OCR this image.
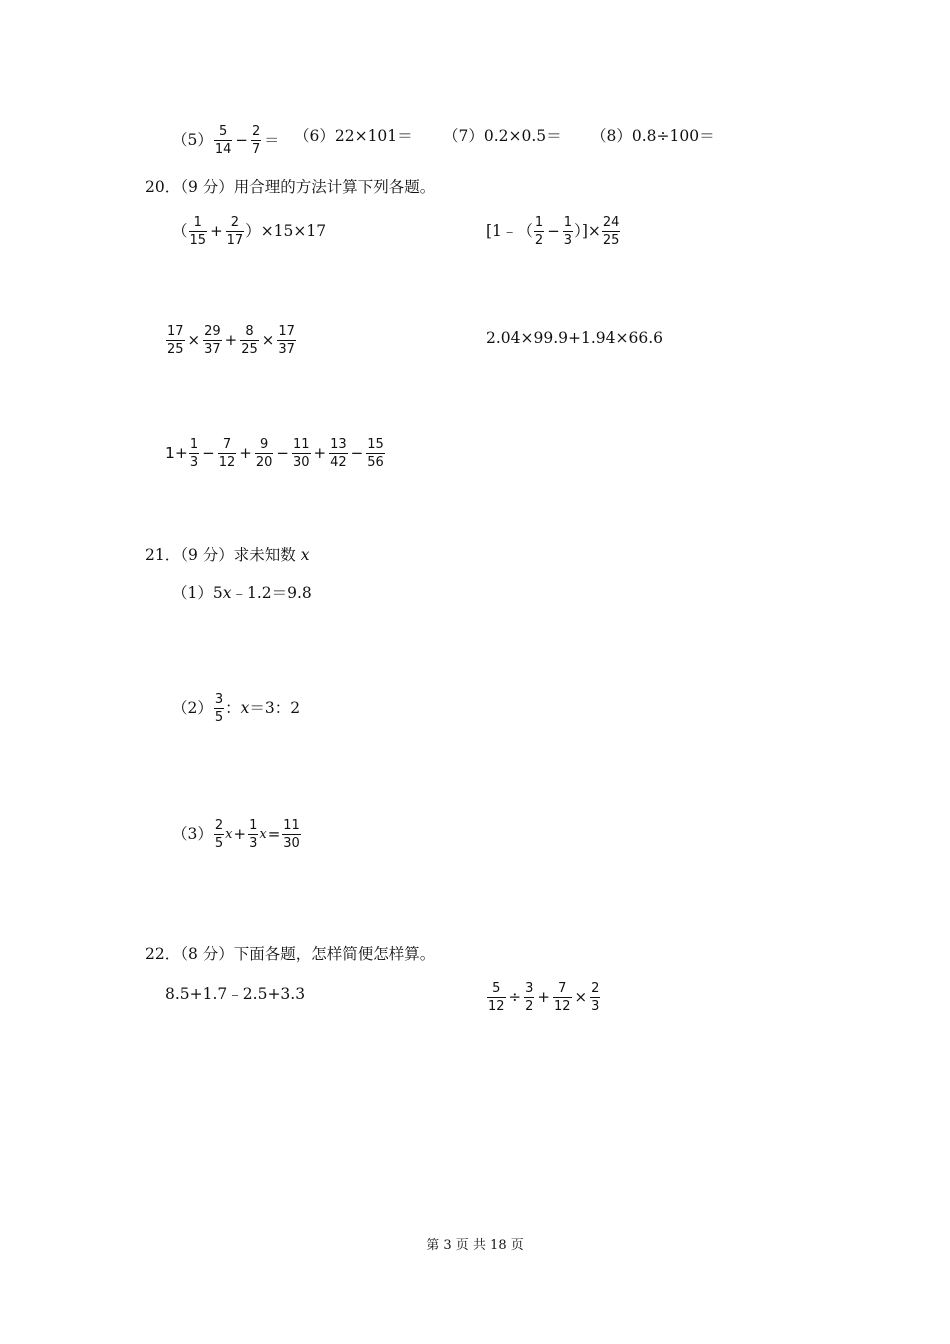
$(5) \frac{5}{14} - \frac{2}{7} = (6)22\times 101= (7)0.2\times 0.5= (8)0.8\div 100=$
20．（9 分）用合理的方法计算下列各题。
（ $\frac{1}{15} + \frac{2}{17} )\times 15\times 17$	[1﹣（ $\frac{1}{2} - \frac{1}{3}$ ）]× $\frac{24}{25}$
$\frac{17}{25} \times \frac{29}{37} + \frac{8}{25} \times \frac{17}{37}$	2.04×99.9+1.94×66.6
$1+ \frac{1}{3} - \frac{7}{12} + \frac{9}{20} - \frac{11}{30} + \frac{13}{42} - \frac{15}{56}$
21．（9 分）求未知数 x
（1）5x﹣1.2＝9.8
$(2) \frac{3}{5}$ ： x ＝3：2
$(3) \frac{2}{5}$ $x + \frac{1}{3}$ $x = \frac{11}{30}$
22．（8 分）下面各题，怎样简便怎样算。
8.5+1.7﹣2.5+3.3	$\frac{5}{12} \div \frac{3}{2} + \frac{7}{12} \times \frac{2}{3}$
第 3 页 共 18 页
